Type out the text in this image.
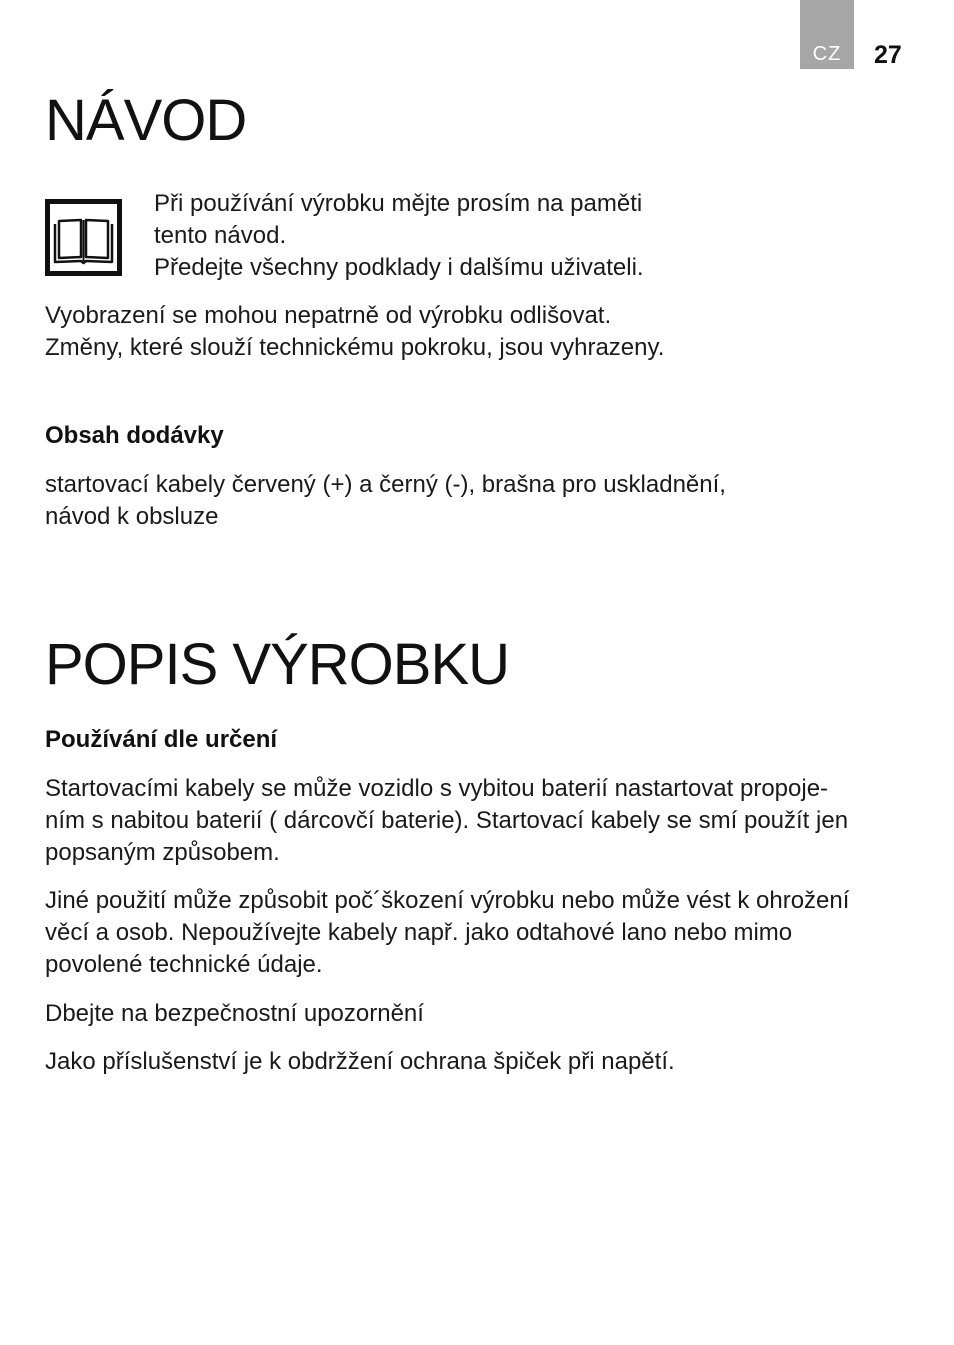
CZ 27
NÁVOD

Při používání výrobku mějte prosím na paměti
tento návod.
Předejte všechny podklady i dalšímu uživateli.

Vyobrazení se mohou nepatrně od výrobku odlišovat.
Změny, které slouží technickému pokroku, jsou vyhrazeny.

Obsah dodávky

startovací kabely červený (+) a černý (-), brašna pro uskladnění,
návod k obsluze

POPIS VÝROBKU
Používání dle určení

Startovacími kabely se může vozidlo s vybitou baterií nastartovat propoje-
ním s nabitou baterií ( dárcovčí baterie). Startovací kabely se smí použít jen
popsaným způsobem.

Jiné použití může způsobit poč´škození výrobku nebo může vést k ohrožení
věcí a osob. Nepoužívejte kabely např. jako odtahové lano nebo mimo
povolené technické údaje.

Dbejte na bezpečnostní upozornění

Jako příslušenství je k obdržžení ochrana špiček při napětí.
